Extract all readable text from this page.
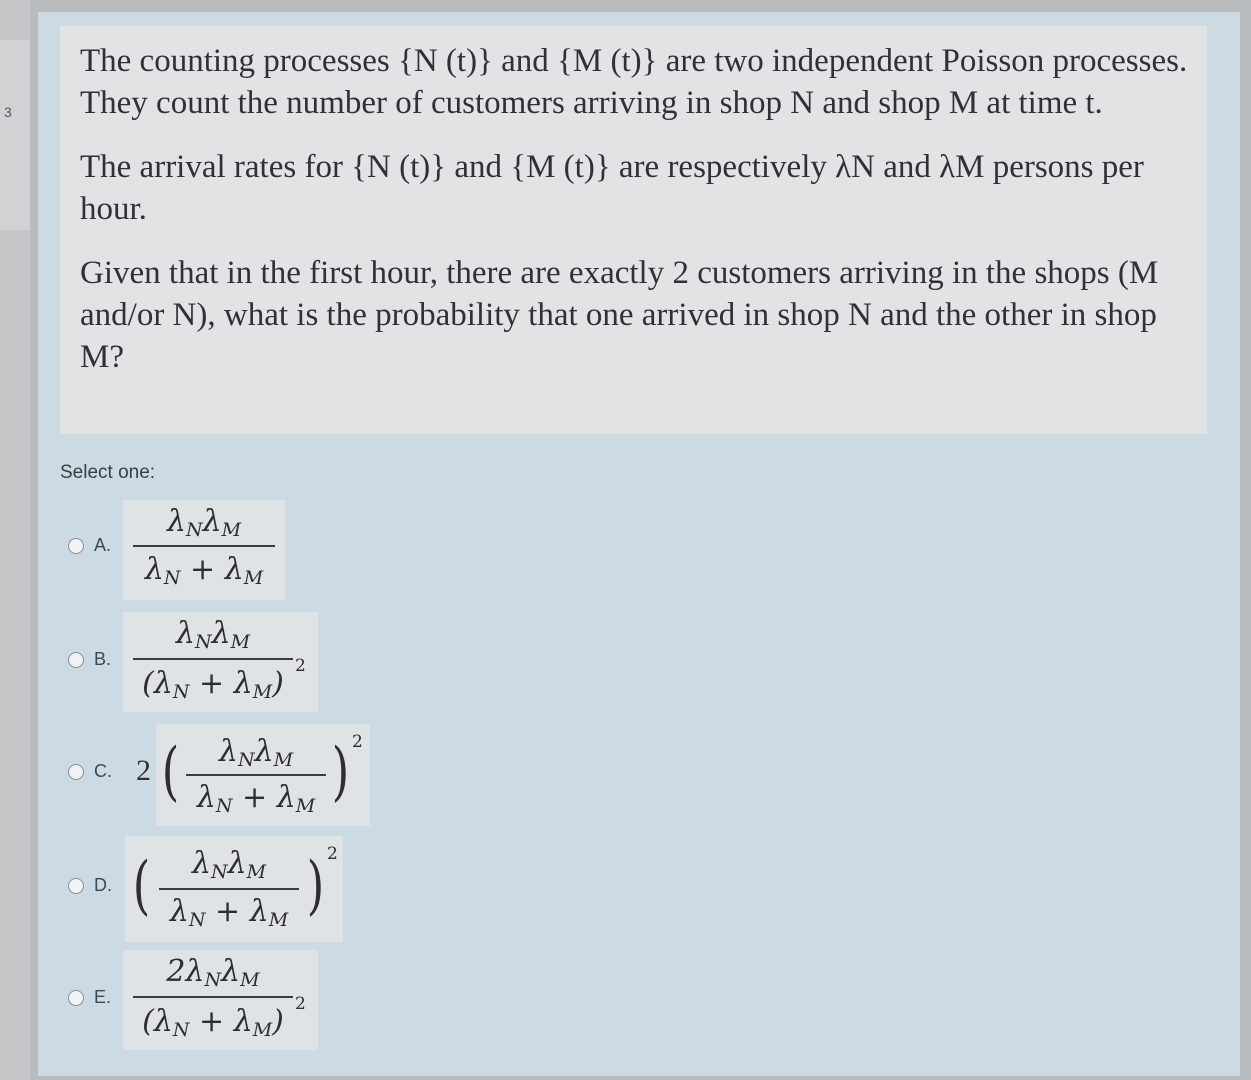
3

The counting processes {N (t)} and {M (t)} are two independent Poisson processes. They count the number of customers arriving in shop N and shop M at time t.

The arrival rates for {N (t)} and {M (t)} are respectively λN and λM persons per hour.

Given that in the first hour, there are exactly 2 customers arriving in the shops (M and/or N), what is the probability that one arrived in shop N and the other in shop M?

Select one:
A.
$\lambda_N\lambda_M$
$\lambda_N + \lambda_M$
B.
$\lambda_N\lambda_M$
$(\lambda_N + \lambda_M)$ 2
C. 2 (	$\lambda_N\lambda_M$
$\lambda_N + \lambda_M$ ) 2
D. (	$\lambda_N\lambda_M$
$\lambda_N + \lambda_M$ ) 2
E.
$2\lambda_N\lambda_M$
$(\lambda_N + \lambda_M)$ 2
